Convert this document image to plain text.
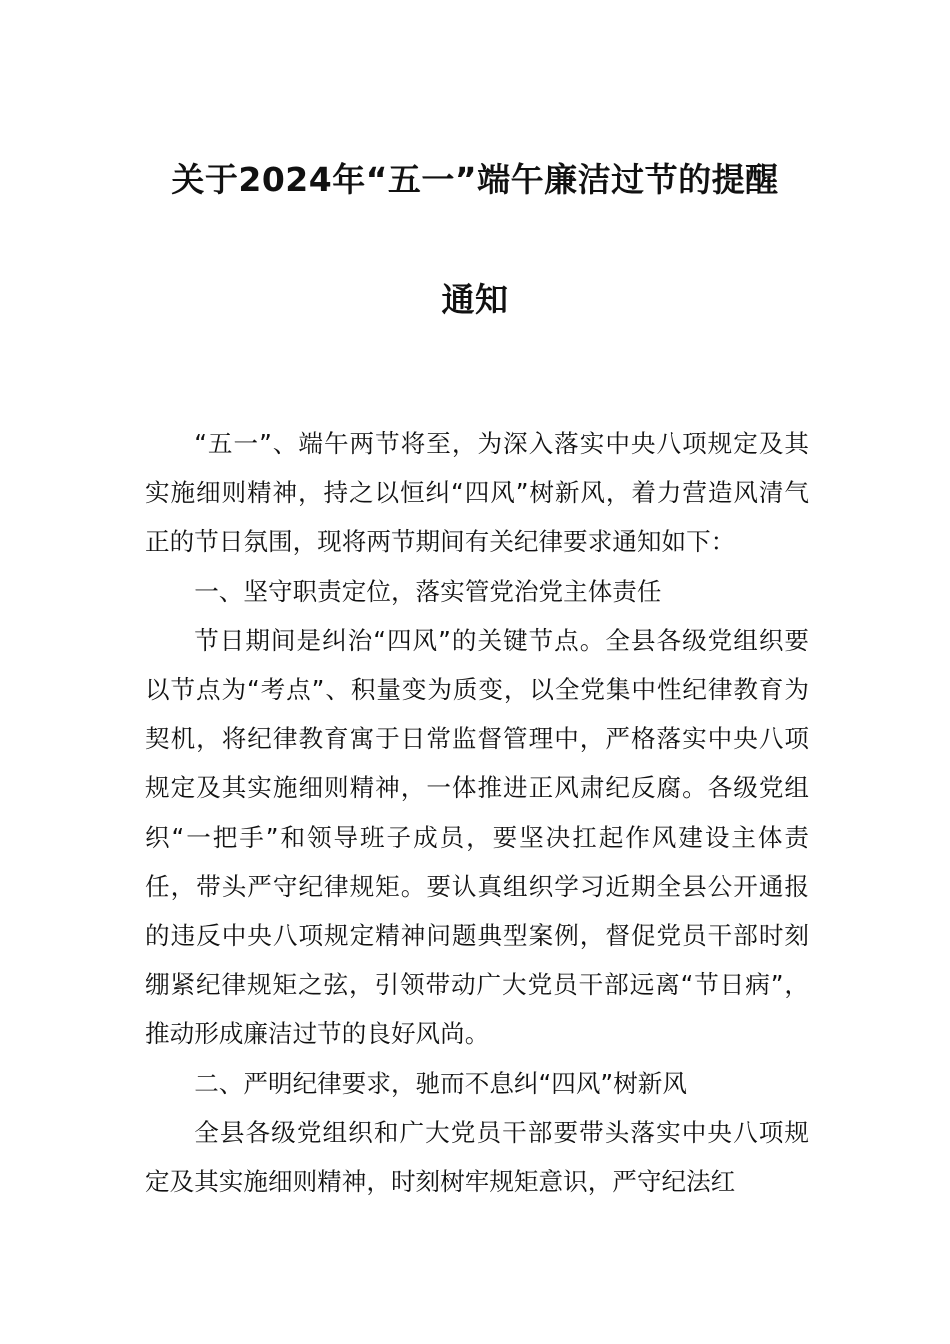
关于2024年“五一”端午廉洁过节的提醒
通知

“五一”、端午两节将至，为深入落实中央八项规定及其实施细则精神，持之以恒纠“四风”树新风，着力营造风清气正的节日氛围，现将两节期间有关纪律要求通知如下：

一、坚守职责定位，落实管党治党主体责任

节日期间是纠治“四风”的关键节点。全县各级党组织要以节点为“考点”、积量变为质变，以全党集中性纪律教育为契机，将纪律教育寓于日常监督管理中，严格落实中央八项规定及其实施细则精神，一体推进正风肃纪反腐。各级党组织“一把手”和领导班子成员，要坚决扛起作风建设主体责任，带头严守纪律规矩。要认真组织学习近期全县公开通报的违反中央八项规定精神问题典型案例，督促党员干部时刻绷紧纪律规矩之弦，引领带动广大党员干部远离“节日病”，推动形成廉洁过节的良好风尚。

二、严明纪律要求，驰而不息纠“四风”树新风

全县各级党组织和广大党员干部要带头落实中央八项规定及其实施细则精神，时刻树牢规矩意识，严守纪法红
